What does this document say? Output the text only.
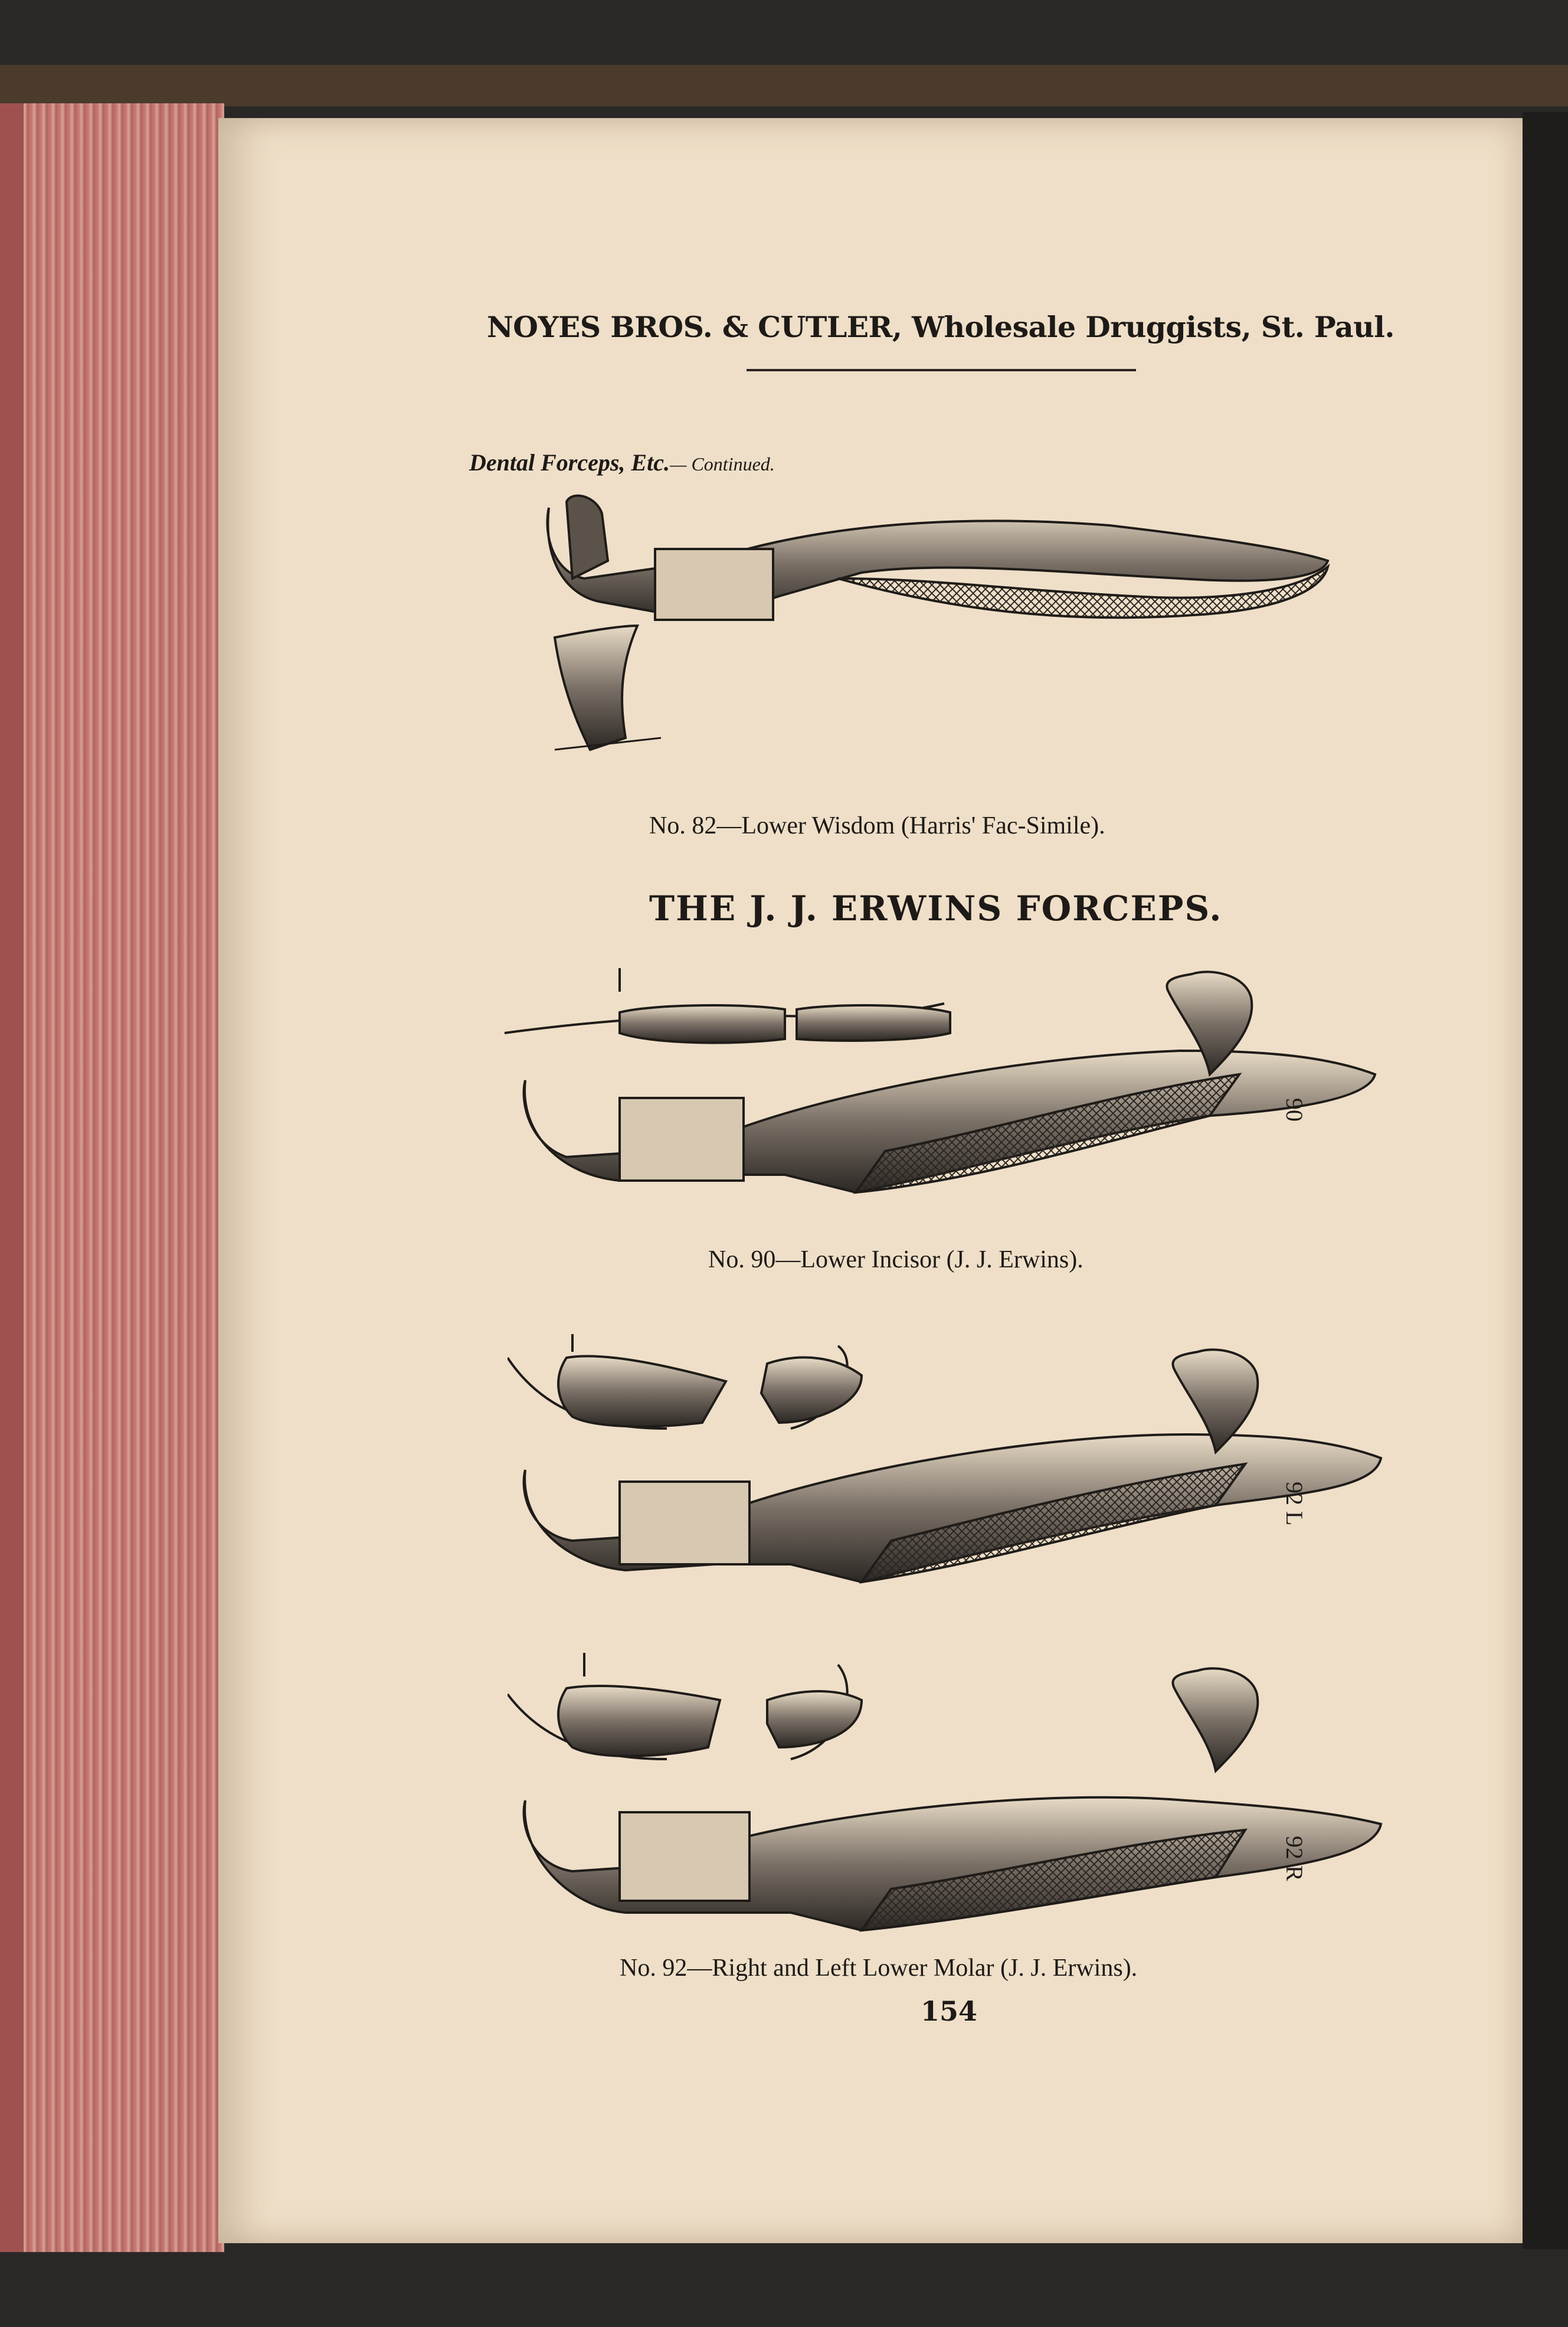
NOYES BROS. & CUTLER, Wholesale Druggists, St. Paul.
Dental Forceps, Etc.— Continued.
No. 82—Lower Wisdom (Harris' Fac-Simile).
THE J. J. ERWINS FORCEPS.
90
No. 90—Lower Incisor (J. J. Erwins).
92 L
92 R
No. 92—Right and Left Lower Molar (J. J. Erwins).
154
